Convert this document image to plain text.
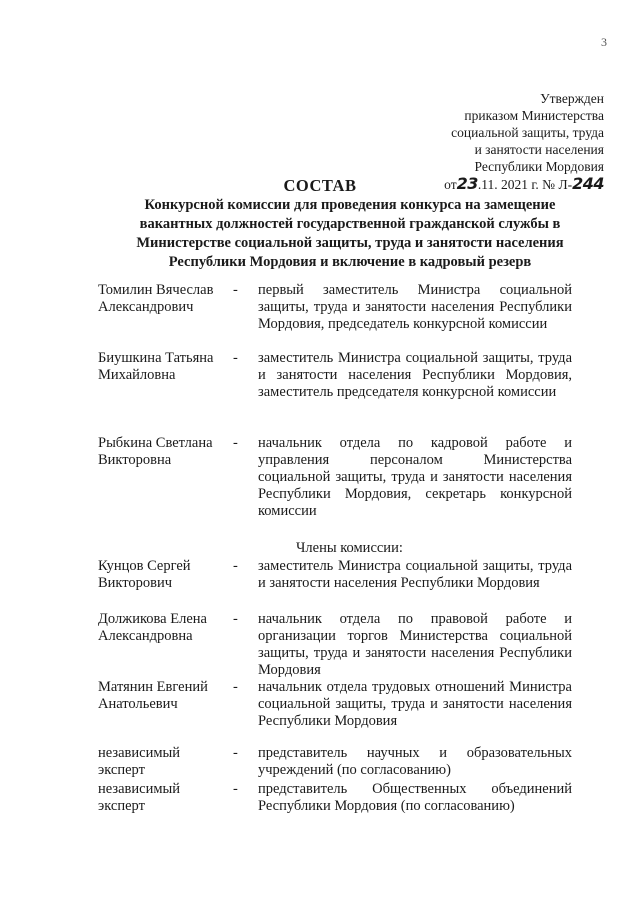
3
Утвержден
приказом Министерства
социальной защиты, труда
и занятости населения
Республики Мордовия
от23.11. 2021 г. № Л-244
СОСТАВ
Конкурсной комиссии для проведения конкурса на замещение вакантных должностей государственной гражданской службы в Министерстве социальной защиты, труда и занятости населения Республики Мордовия и включение в кадровый резерв
Томилин Вячеслав Александрович
- первый заместитель Министра социальной защиты, труда и занятости населения Республики Мордовия, председатель конкурсной комиссии
Биушкина Татьяна Михайловна
- заместитель Министра социальной защиты, труда и занятости населения Республики Мордовия, заместитель председателя конкурсной комиссии
Рыбкина Светлана Викторовна
- начальник отдела по кадровой работе и управления персоналом Министерства социальной защиты, труда и занятости населения Республики Мордовия, секретарь конкурсной комиссии
Члены комиссии:
Кунцов Сергей Викторович
- заместитель Министра социальной защиты, труда и занятости населения Республики Мордовия
Должикова Елена Александровна
- начальник отдела по правовой работе и организации торгов Министерства социальной защиты, труда и занятости населения Республики Мордовия
Матянин Евгений Анатольевич
- начальник отдела трудовых отношений Министра социальной защиты, труда и занятости населения Республики Мордовия
независимый эксперт
- представитель научных и образовательных учреждений (по согласованию)
независимый эксперт
- представитель Общественных объединений Республики Мордовия (по согласованию)
